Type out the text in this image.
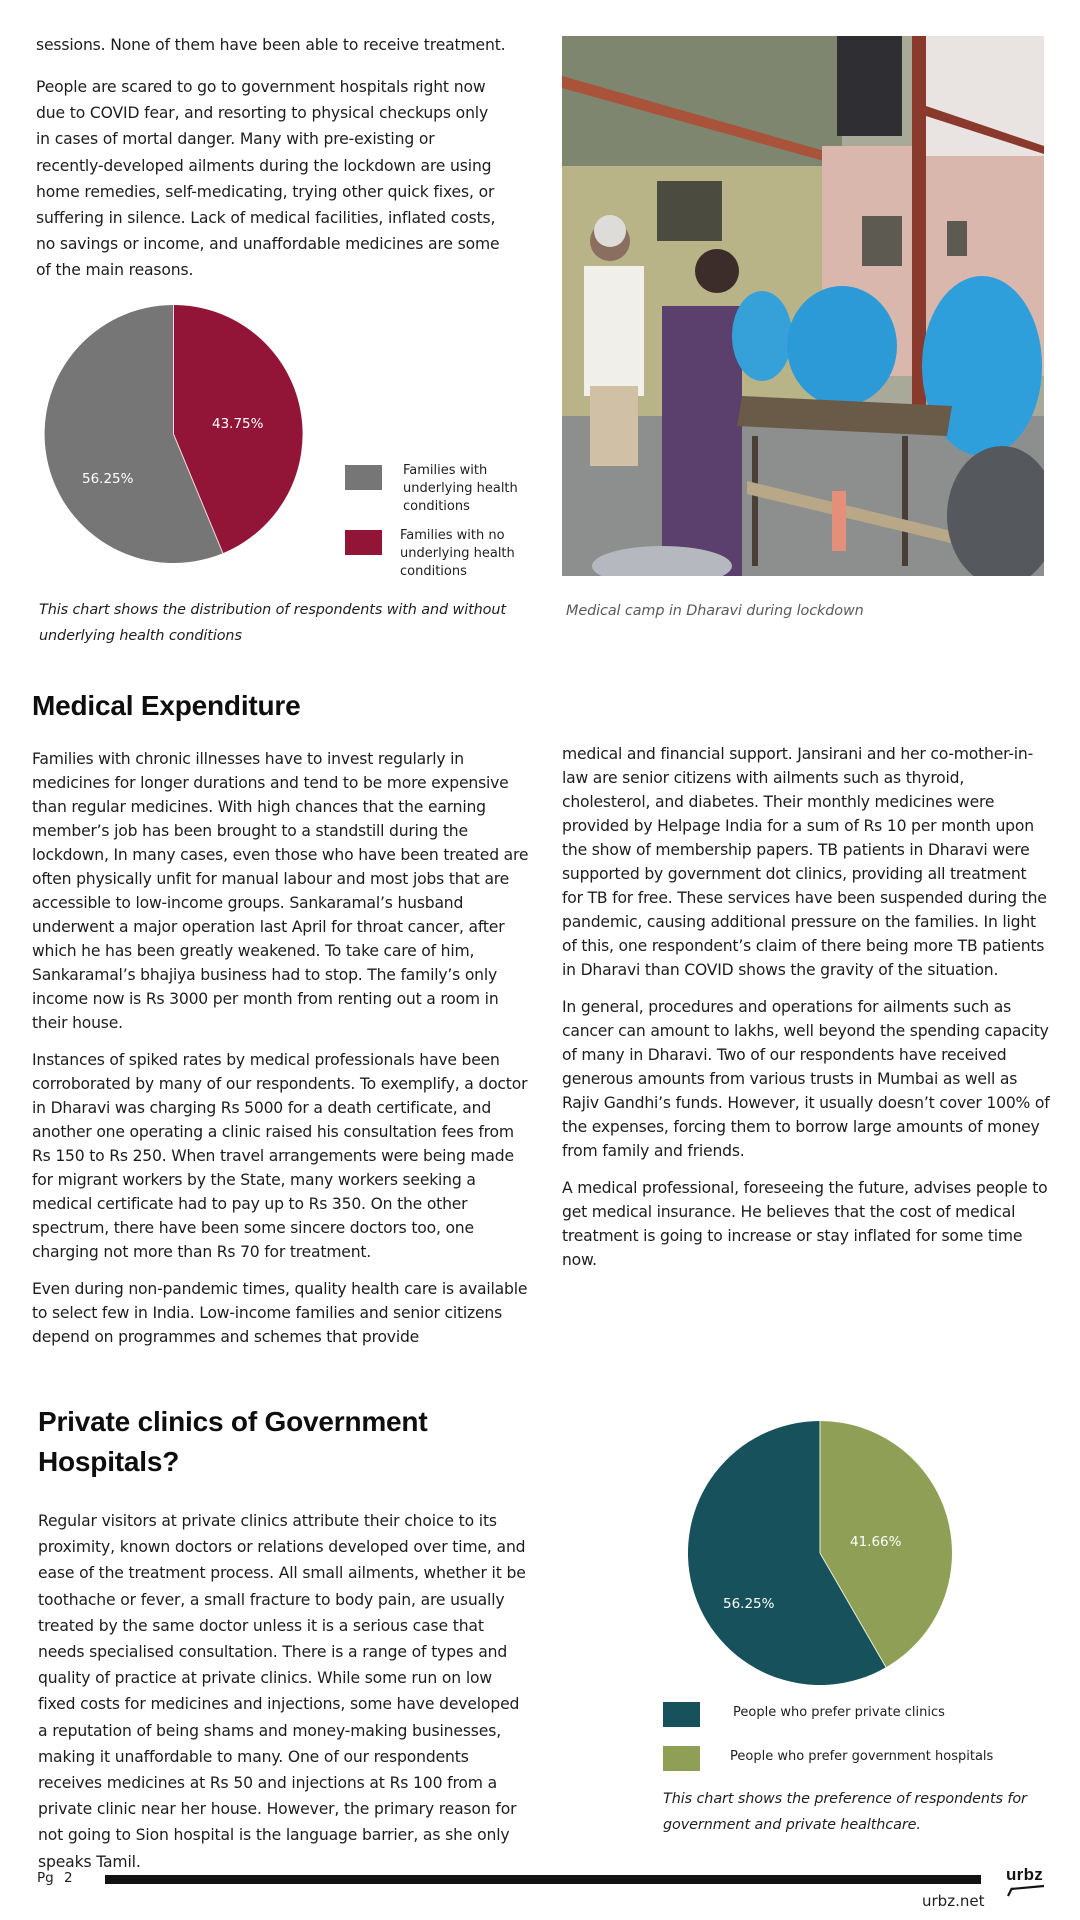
sessions. None of them have been able to receive treatment.

People are scared to go to government hospitals right now due to COVID fear, and resorting to physical checkups only in cases of mortal danger. Many with pre-existing or recently-developed ailments during the lockdown are using home remedies, self-medicating, trying other quick fixes, or suffering in silence. Lack of medical facilities, inflated costs, no savings or income, and unaffordable medicines are some of the main reasons.

43.75%
56.25%
Families with underlying health conditions
Families with no underlying health conditions
This chart shows the distribution of respondents with and without underlying health conditions
Medical camp in Dharavi during lockdown
Medical Expenditure

Families with chronic illnesses have to invest regularly in medicines for longer durations and tend to be more expensive than regular medicines. With high chances that the earning member’s job has been brought to a standstill during the lockdown, In many cases, even those who have been treated are often physically unfit for manual labour and most jobs that are accessible to low-income groups. Sankaramal’s husband underwent a major operation last April for throat cancer, after which he has been greatly weakened. To take care of him, Sankaramal’s bhajiya business had to stop. The family’s only income now is Rs 3000 per month from renting out a room in their house.

Instances of spiked rates by medical professionals have been corroborated by many of our respondents. To exemplify, a doctor in Dharavi was charging Rs 5000 for a death certificate, and another one operating a clinic raised his consultation fees from Rs 150 to Rs 250. When travel arrangements were being made for migrant workers by the State, many workers seeking a medical certificate had to pay up to Rs 350. On the other spectrum, there have been some sincere doctors too, one charging not more than Rs 70 for treatment.

Even during non-pandemic times, quality health care is available to select few in India. Low-income families and senior citizens depend on programmes and schemes that provide

medical and financial support. Jansirani and her co-mother-in-law are senior citizens with ailments such as thyroid, cholesterol, and diabetes. Their monthly medicines were provided by Helpage India for a sum of Rs 10 per month upon the show of membership papers. TB patients in Dharavi were supported by government dot clinics, providing all treatment for TB for free. These services have been suspended during the pandemic, causing additional pressure on the families. In light of this, one respondent’s claim of there being more TB patients in Dharavi than COVID shows the gravity of the situation.

In general, procedures and operations for ailments such as cancer can amount to lakhs, well beyond the spending capacity of many in Dharavi. Two of our respondents have received generous amounts from various trusts in Mumbai as well as Rajiv Gandhi’s funds. However, it usually doesn’t cover 100% of the expenses, forcing them to borrow large amounts of money from family and friends.

A medical professional, foreseeing the future, advises people to get medical insurance. He believes that the cost of medical treatment is going to increase or stay inflated for some time now.

Private clinics of Government
Hospitals?

Regular visitors at private clinics attribute their choice to its proximity, known doctors or relations developed over time, and ease of the treatment process. All small ailments, whether it be toothache or fever, a small fracture to body pain, are usually treated by the same doctor unless it is a serious case that needs specialised consultation. There is a range of types and quality of practice at private clinics. While some run on low fixed costs for medicines and injections, some have developed a reputation of being shams and money-making businesses, making it unaffordable to many. One of our respondents receives medicines at Rs 50 and injections at Rs 100 from a private clinic near her house. However, the primary reason for not going to Sion hospital is the language barrier, as she only speaks Tamil.

41.66%
56.25%
People who prefer private clinics
People who prefer government hospitals
This chart shows the preference of respondents for government and private healthcare.
Pg 2
urbz.net
urbz
